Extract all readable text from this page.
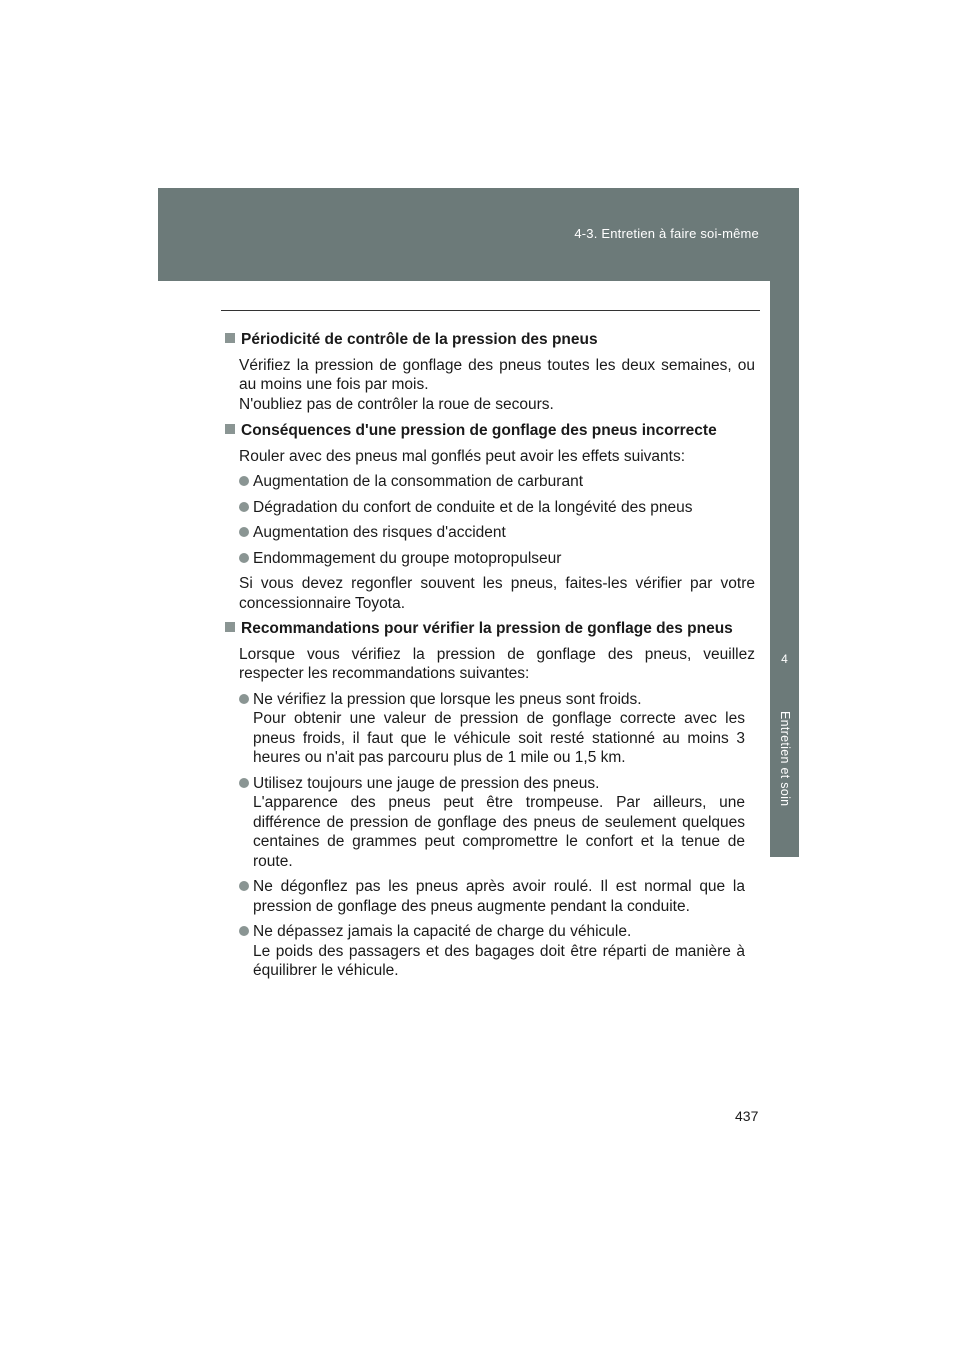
4-3. Entretien à faire soi-même
4
Entretien et soin
Périodicité de contrôle de la pression des pneus
Vérifiez la pression de gonflage des pneus toutes les deux semaines, ou au moins une fois par mois.
N'oubliez pas de contrôler la roue de secours.
Conséquences d'une pression de gonflage des pneus incorrecte
Rouler avec des pneus mal gonflés peut avoir les effets suivants:
Augmentation de la consommation de carburant
Dégradation du confort de conduite et de la longévité des pneus
Augmentation des risques d'accident
Endommagement du groupe motopropulseur
Si vous devez regonfler souvent les pneus, faites-les vérifier par votre concessionnaire Toyota.
Recommandations pour vérifier la pression de gonflage des pneus
Lorsque vous vérifiez la pression de gonflage des pneus, veuillez respecter les recommandations suivantes:
Ne vérifiez la pression que lorsque les pneus sont froids.
Pour obtenir une valeur de pression de gonflage correcte avec les pneus froids, il faut que le véhicule soit resté stationné au moins 3 heures ou n'ait pas parcouru plus de 1 mile ou 1,5 km.
Utilisez toujours une jauge de pression des pneus.
L'apparence des pneus peut être trompeuse. Par ailleurs, une différence de pression de gonflage des pneus de seulement quelques centaines de grammes peut compromettre le confort et la tenue de route.
Ne dégonflez pas les pneus après avoir roulé. Il est normal que la pression de gonflage des pneus augmente pendant la conduite.
Ne dépassez jamais la capacité de charge du véhicule.
Le poids des passagers et des bagages doit être réparti de manière à équilibrer le véhicule.
437
